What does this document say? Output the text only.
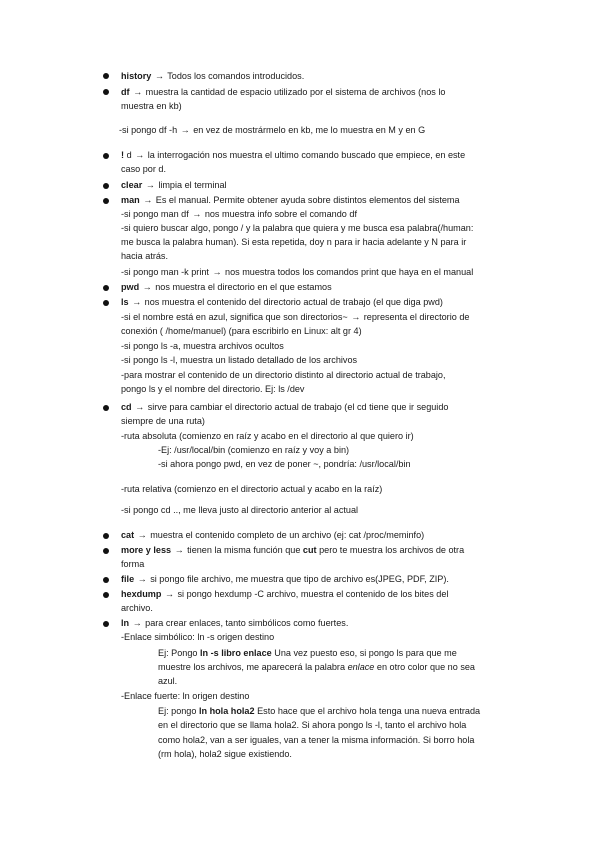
history → Todos los comandos introducidos.
df → muestra la cantidad de espacio utilizado por el sistema de archivos (nos lo
muestra en kb)
-si pongo df -h → en vez de mostrármelo en kb, me lo muestra en M y en G
! d → la interrogación nos muestra el ultimo comando buscado que empiece, en este
caso por d.
clear → limpia el terminal
man → Es el manual. Permite obtener ayuda sobre distintos elementos del sistema
-si pongo man df → nos muestra info sobre el comando df
-si quiero buscar algo, pongo / y la palabra que quiera y me busca esa palabra(/human:
me busca la palabra human). Si esta repetida, doy n para ir hacia adelante y N para ir
hacia atrás.
-si pongo man -k print → nos muestra todos los comandos print que haya en el manual
pwd → nos muestra el directorio en el que estamos
ls → nos muestra el contenido del directorio actual de trabajo (el que diga pwd)
-si el nombre está en azul, significa que son directorios~ → representa el directorio de
conexión ( /home/manuel) (para escribirlo en Linux: alt gr 4)
-si pongo ls -a, muestra archivos ocultos
-si pongo ls -l, muestra un listado detallado de los archivos
-para mostrar el contenido de un directorio distinto al directorio actual de trabajo,
pongo ls y el nombre del directorio. Ej: ls /dev
cd → sirve para cambiar el directorio actual de trabajo (el cd tiene que ir seguido
siempre de una ruta)
-ruta absoluta (comienzo en raíz y acabo en el directorio al que quiero ir)
-Ej: /usr/local/bin (comienzo en raíz y voy a bin)
-si ahora pongo pwd, en vez de poner ~, pondría: /usr/local/bin
-ruta relativa (comienzo en el directorio actual y acabo en la raíz)
-si pongo cd .., me lleva justo al directorio anterior al actual
cat → muestra el contenido completo de un archivo (ej: cat /proc/meminfo)
more y less → tienen la misma función que cut pero te muestra los archivos de otra
forma
file → si pongo file archivo, me muestra que tipo de archivo es(JPEG, PDF, ZIP).
hexdump → si pongo hexdump -C archivo, muestra el contenido de los bites del
archivo.
ln → para crear enlaces, tanto simbólicos como fuertes.
-Enlace simbólico: ln -s origen destino
Ej: Pongo ln -s libro enlace Una vez puesto eso, si pongo ls para que me
muestre los archivos, me aparecerá la palabra enlace en otro color que no sea
azul.
-Enlace fuerte: ln origen destino
Ej: pongo ln hola hola2 Esto hace que el archivo hola tenga una nueva entrada
en el directorio que se llama hola2. Si ahora pongo ls -l, tanto el archivo hola
como hola2, van a ser iguales, van a tener la misma información. Si borro hola
(rm hola), hola2 sigue existiendo.
